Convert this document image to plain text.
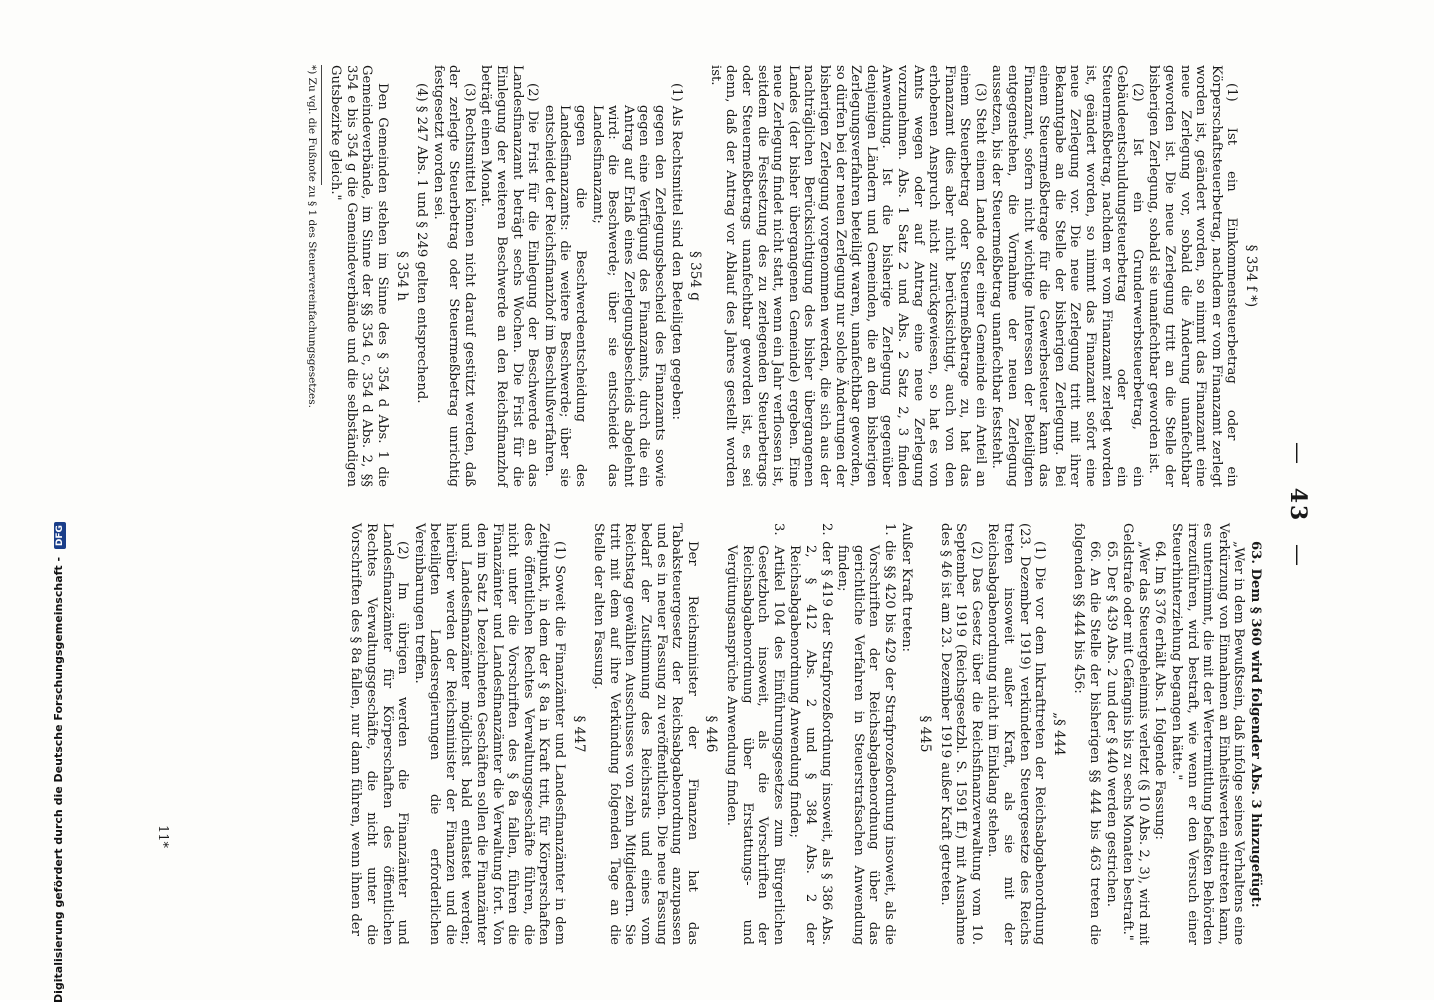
Digitalisierung gefördert durch die Deutsche Forschungsgemeinschaft - DFG
— 43 —
§ 354 f *)

(1) Ist ein Einkommensteuerbetrag oder ein Körperschaftsteuerbetrag, nachdem er vom Finanzamt zerlegt worden ist, geändert worden, so nimmt das Finanzamt eine neue Zerlegung vor, sobald die Änderung unanfechtbar geworden ist. Die neue Zerlegung tritt an die Stelle der bisherigen Zerlegung, sobald sie unanfechtbar geworden ist.

(2) Ist ein Grunderwerbsteuerbetrag, ein Gebäudeentschuldungsteuerbetrag oder ein Steuermeßbetrag, nachdem er vom Finanzamt zerlegt worden ist, geändert worden, so nimmt das Finanzamt sofort eine neue Zerlegung vor. Die neue Zerlegung tritt mit ihrer Bekanntgabe an die Stelle der bisherigen Zerlegung. Bei einem Steuermeßbetrage für die Gewerbesteuer kann das Finanzamt, sofern nicht wichtige Interessen der Beteiligten entgegenstehen, die Vornahme der neuen Zerlegung aussetzen, bis der Steuermeßbetrag unanfechtbar feststeht.

(3) Steht einem Lande oder einer Gemeinde ein Anteil an einem Steuerbetrag oder Steuermeßbetrage zu, hat das Finanzamt dies aber nicht berücksichtigt, auch von den erhobenen Anspruch nicht zurückgewiesen, so hat es von Amts wegen oder auf Antrag eine neue Zerlegung vorzunehmen. Abs. 1 Satz 2 und Abs. 2 Satz 2, 3 finden Anwendung. Ist die bisherige Zerlegung gegenüber denjenigen Ländern und Gemeinden, die an dem bisherigen Zerlegungsverfahren beteiligt waren, unanfechtbar geworden, so dürfen bei der neuen Zerlegung nur solche Änderungen der bisherigen Zerlegung vorgenommen werden, die sich aus der nachträglichen Berücksichtigung des bisher übergangenen Landes (der bisher übergangenen Gemeinde) ergeben. Eine neue Zerlegung findet nicht statt, wenn ein Jahr verflossen ist, seitdem die Festsetzung des zu zerlegenden Steuerbetrags oder Steuermeßbetrags unanfechtbar geworden ist, es sei denn, daß der Antrag vor Ablauf des Jahres gestellt worden ist.

§ 354 g

(1) Als Rechtsmittel sind den Beteiligten gegeben:

gegen den Zerlegungsbescheid des Finanzamts sowie gegen eine Verfügung des Finanzamts, durch die ein Antrag auf Erlaß eines Zerlegungsbescheids abgelehnt wird: die Beschwerde; über sie entscheidet das Landesfinanzamt;

gegen die Beschwerdeentscheidung des Landesfinanzamts: die weitere Beschwerde; über sie entscheidet der Reichsfinanzhof im Beschlußverfahren.

(2) Die Frist für die Einlegung der Beschwerde an das Landesfinanzamt beträgt sechs Wochen. Die Frist für die Einlegung der weiteren Beschwerde an den Reichsfinanzhof beträgt einen Monat.

(3) Rechtsmittel können nicht darauf gestützt werden, daß der zerlegte Steuerbetrag oder Steuermeßbetrag unrichtig festgesetzt worden sei.

(4) § 247 Abs. 1 und § 249 gelten entsprechend.

§ 354 h

Den Gemeinden stehen im Sinne des § 354 d Abs. 1 die Gemeindeverbände, im Sinne der §§ 354 c, 354 d Abs. 2, §§ 354 e bis 354 g die Gemeindeverbände und die selbständigen Gutsbezirke gleich."

*) Zu vgl. die Fußnote zu § 1 des Steuervereinfachungsgesetzes.

63. Dem § 360 wird folgender Abs. 3 hinzugefügt:

„Wer in dem Bewußtsein, daß infolge seines Verhaltens eine Verkürzung von Einnahmen an Einheitswerten eintreten kann, es unternimmt, die mit der Wertermittlung befaßten Behörden irrezuführen, wird bestraft, wie wenn er den Versuch einer Steuerhinterziehung begangen hätte."

64. Im § 376 erhält Abs. 1 folgende Fassung:

„Wer das Steuergeheimnis verletzt (§ 10 Abs. 2, 3), wird mit Geldstrafe oder mit Gefängnis bis zu sechs Monaten bestraft."

65. Der § 439 Abs. 2 und der § 440 werden gestrichen.

66. An die Stelle der bisherigen §§ 444 bis 463 treten die folgenden §§ 444 bis 456:

„§ 444

(1) Die vor dem Inkrafttreten der Reichsabgabenordnung (23. Dezember 1919) verkündeten Steuergesetze des Reichs treten insoweit außer Kraft, als sie mit der Reichsabgabenordnung nicht im Einklang stehen.

(2) Das Gesetz über die Reichsfinanzverwaltung vom 10. September 1919 (Reichsgesetzbl. S. 1591 ff.) mit Ausnahme des § 46 ist am 23. Dezember 1919 außer Kraft getreten.

§ 445

Außer Kraft treten:

1. die §§ 420 bis 429 der Strafprozeßordnung insoweit, als die Vorschriften der Reichsabgabenordnung über das gerichtliche Verfahren in Steuerstrafsachen Anwendung finden;

2. der § 419 der Strafprozeßordnung insoweit, als § 386 Abs. 2, § 412 Abs. 2 und § 384 Abs. 2 der Reichsabgabenordnung Anwendung finden;

3. Artikel 104 des Einführungsgesetzes zum Bürgerlichen Gesetzbuch insoweit, als die Vorschriften der Reichsabgabenordnung über Erstattungs- und Vergütungsansprüche Anwendung finden.

§ 446

Der Reichsminister der Finanzen hat das Tabaksteuergesetz der Reichsabgabenordnung anzupassen und es in neuer Fassung zu veröffentlichen. Die neue Fassung bedarf der Zustimmung des Reichsrats und eines vom Reichstag gewählten Ausschusses von zehn Mitgliedern. Sie tritt mit dem auf ihre Verkündung folgenden Tage an die Stelle der alten Fassung.

§ 447

(1) Soweit die Finanzämter und Landesfinanzämter in dem Zeitpunkt, in dem der § 8a in Kraft tritt, für Körperschaften des öffentlichen Rechtes Verwaltungsgeschäfte führen, die nicht unter die Vorschriften des § 8a fallen, führen die Finanzämter und Landesfinanzämter die Verwaltung fort. Von den im Satz 1 bezeichneten Geschäften sollen die Finanzämter und Landesfinanzämter möglichst bald entlastet werden; hierüber werden der Reichsminister der Finanzen und die beteiligten Landesregierungen die erforderlichen Vereinbarungen treffen.

(2) Im übrigen werden die Finanzämter und Landesfinanzämter für Körperschaften des öffentlichen Rechtes Verwaltungsgeschäfte, die nicht unter die Vorschriften des § 8a fallen, nur dann führen, wenn ihnen der

11*
